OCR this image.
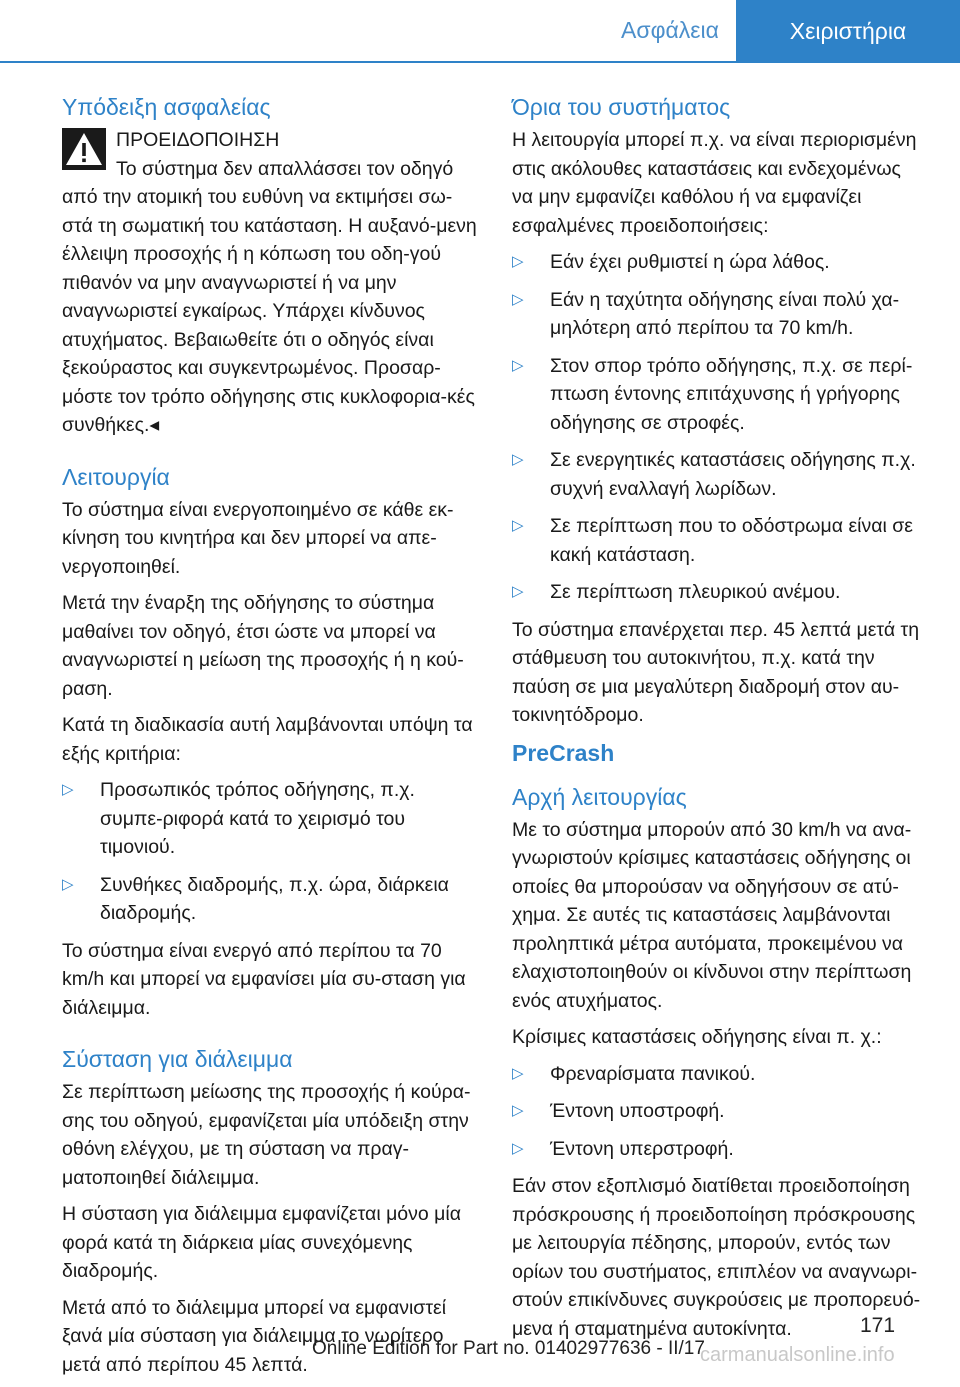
Ασφάλεια	Χειριστήρια
Υπόδειξη ασφαλείας

ΠΡΟΕΙΔΟΠΟΙΗΣΗ

Το σύστημα δεν απαλλάσσει τον οδηγό από την ατομική του ευθύνη να εκτιμήσει σω‐στά τη σωματική του κατάσταση. Η αυξανό‐μενη έλλειψη προσοχής ή η κόπωση του οδη‐γού πιθανόν να μην αναγνωριστεί ή να μην αναγνωριστεί εγκαίρως. Υπάρχει κίνδυνος ατυχήματος. Βεβαιωθείτε ότι ο οδηγός είναι ξεκούραστος και συγκεντρωμένος. Προσαρ‐μόστε τον τρόπο οδήγησης στις κυκλοφορια‐κές συνθήκες.◂

Λειτουργία

Το σύστημα είναι ενεργοποιημένο σε κάθε εκ‐κίνηση του κινητήρα και δεν μπορεί να απε‐νεργοποιηθεί.

Μετά την έναρξη της οδήγησης το σύστημα μαθαίνει τον οδηγό, έτσι ώστε να μπορεί να αναγνωριστεί η μείωση της προσοχής ή η κού‐ραση.

Κατά τη διαδικασία αυτή λαμβάνονται υπόψη τα εξής κριτήρια:

▷ Προσωπικός τρόπος οδήγησης, π.χ. συμπε‐ριφορά κατά το χειρισμό του τιμονιού.
▷ Συνθήκες διαδρομής, π.χ. ώρα, διάρκεια διαδρομής.

Το σύστημα είναι ενεργό από περίπου τα 70 km/h και μπορεί να εμφανίσει μία συ‐σταση για διάλειμμα.

Σύσταση για διάλειμμα

Σε περίπτωση μείωσης της προσοχής ή κούρα‐σης του οδηγού, εμφανίζεται μία υπόδειξη στην οθόνη ελέγχου, με τη σύσταση να πραγ‐ματοποιηθεί διάλειμμα.

Η σύσταση για διάλειμμα εμφανίζεται μόνο μία φορά κατά τη διάρκεια μίας συνεχόμενης διαδρομής.

Μετά από το διάλειμμα μπορεί να εμφανιστεί ξανά μία σύσταση για διάλειμμα το νωρίτερο μετά από περίπου 45 λεπτά.

Όρια του συστήματος

Η λειτουργία μπορεί π.χ. να είναι περιορισμένη στις ακόλουθες καταστάσεις και ενδεχομένως να μην εμφανίζει καθόλου ή να εμφανίζει εσφαλμένες προειδοποιήσεις:

▷ Εάν έχει ρυθμιστεί η ώρα λάθος.
▷ Εάν η ταχύτητα οδήγησης είναι πολύ χα‐μηλότερη από περίπου τα 70 km/h.
▷ Στον σπορ τρόπο οδήγησης, π.χ. σε περί‐πτωση έντονης επιτάχυνσης ή γρήγορης οδήγησης σε στροφές.
▷ Σε ενεργητικές καταστάσεις οδήγησης π.χ. συχνή εναλλαγή λωρίδων.
▷ Σε περίπτωση που το οδόστρωμα είναι σε κακή κατάσταση.
▷ Σε περίπτωση πλευρικού ανέμου.

Το σύστημα επανέρχεται περ. 45 λεπτά μετά τη στάθμευση του αυτοκινήτου, π.χ. κατά την παύση σε μια μεγαλύτερη διαδρομή στον αυ‐τοκινητόδρομο.

PreCrash
Αρχή λειτουργίας

Με το σύστημα μπορούν από 30 km/h να ανα‐γνωριστούν κρίσιμες καταστάσεις οδήγησης οι οποίες θα μπορούσαν να οδηγήσουν σε ατύ‐χημα. Σε αυτές τις καταστάσεις λαμβάνονται προληπτικά μέτρα αυτόματα, προκειμένου να ελαχιστοποιηθούν οι κίνδυνοι στην περίπτωση ενός ατυχήματος.

Κρίσιμες καταστάσεις οδήγησης είναι π. χ.:

▷ Φρεναρίσματα πανικού.
▷ Έντονη υποστροφή.
▷ Έντονη υπερστροφή.

Εάν στον εξοπλισμό διατίθεται προειδοποίηση πρόσκρουσης ή προειδοποίηση πρόσκρουσης με λειτουργία πέδησης, μπορούν, εντός των ορίων του συστήματος, επιπλέον να αναγνωρι‐στούν επικίνδυνες συγκρούσεις με προπορευό‐μενα ή σταματημένα αυτοκίνητα.	171
Online Edition for Part no. 01402977636 - II/17
carmanualsonline.info
